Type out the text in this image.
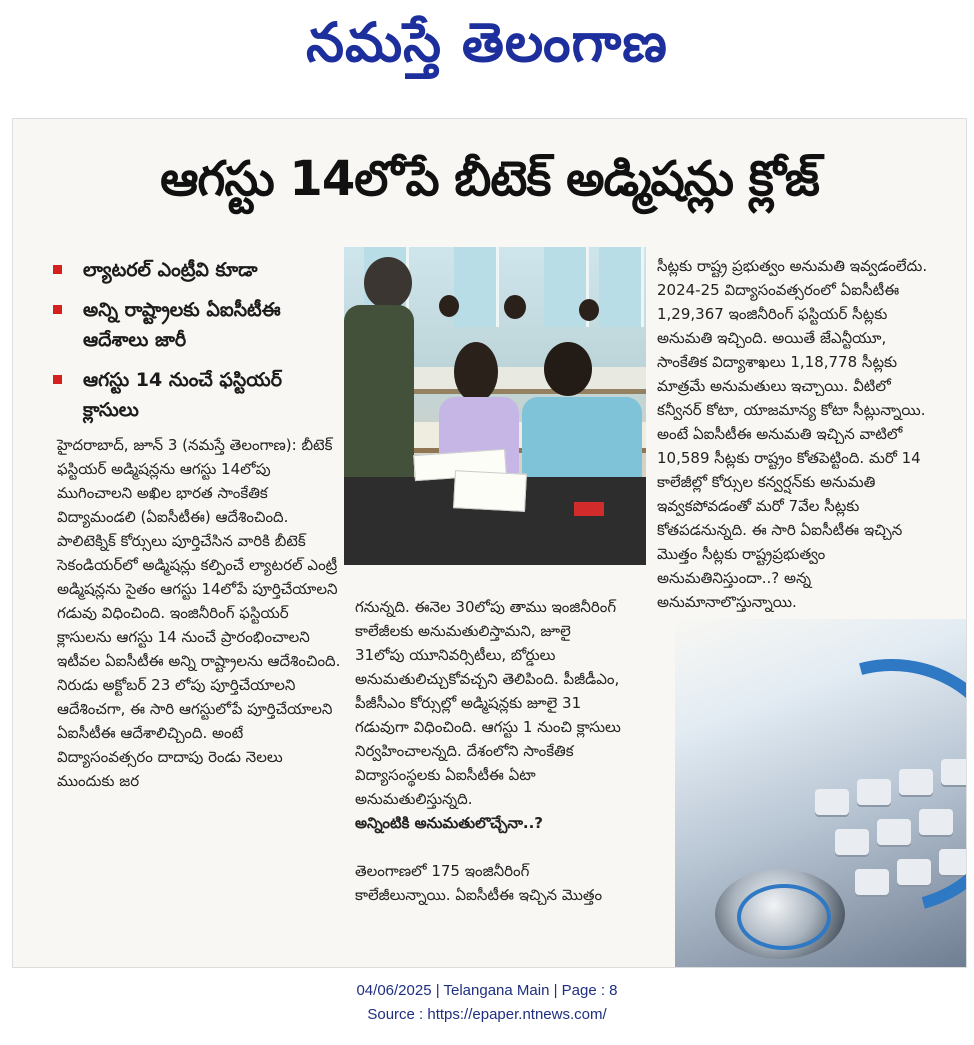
నమస్తే తెలంగాణ
ఆగస్టు 14లోపే బీటెక్ అడ్మిషన్లు క్లోజ్
ల్యాటరల్ ఎంట్రీవి కూడా
అన్ని రాష్ట్రాలకు ఏఐసీటీఈ ఆదేశాలు జారీ
ఆగస్టు 14 నుంచే ఫస్టియర్ క్లాసులు
హైదరాబాద్, జూన్ 3 (నమస్తే తెలంగాణ): బీటెక్ ఫస్టియర్ అడ్మిషన్లను ఆగస్టు 14లోపు ముగించాలని అఖిల భారత సాంకేతిక విద్యామండలి (ఏఐసీటీఈ) ఆదేశించింది. పాలిటెక్నిక్ కోర్సులు పూర్తిచేసిన వారికి బీటెక్ సెకండియర్‌లో అడ్మిషన్లు కల్పించే ల్యాటరల్ ఎంట్రీ అడ్మిషన్లను సైతం ఆగస్టు 14లోపే పూర్తిచేయాలని గడువు విధించింది. ఇంజినీరింగ్ ఫస్టియర్ క్లాసులను ఆగస్టు 14 నుంచే ప్రారంభించాలని ఇటీవల ఏఐసీటీఈ అన్ని రాష్ట్రాలను ఆదేశించింది. నిరుడు అక్టోబర్ 23 లోపు పూర్తిచేయాలని ఆదేశించగా, ఈ సారి ఆగస్టులోపే పూర్తిచేయాలని ఏఐసీటీఈ ఆదేశాలిచ్చింది. అంటే విద్యాసంవత్సరం దాదాపు రెండు నెలలు ముందుకు జర

గనున్నది. ఈనెల 30లోపు తాము ఇంజినీరింగ్ కాలేజీలకు అనుమతులిస్తామని, జూలై 31లోపు యూనివర్సిటీలు, బోర్డులు అనుమతులిచ్చుకోవచ్చని తెలిపింది. పీజీడీఎం, పీజీసీఎం కోర్సుల్లో అడ్మిషన్లకు జూలై 31 గడువుగా విధించింది. ఆగస్టు 1 నుంచి క్లాసులు నిర్వహించాలన్నది. దేశంలోని సాంకేతిక విద్యాసంస్థలకు ఏఐసీటీఈ ఏటా అనుమతులిస్తున్నది.

అన్నింటికి అనుమతులొచ్చేనా..?

తెలంగాణలో 175 ఇంజినీరింగ్ కాలేజీలున్నాయి. ఏఐసీటీఈ ఇచ్చిన మొత్తం

సీట్లకు రాష్ట్ర ప్రభుత్వం అనుమతి ఇవ్వడంలేదు. 2024-25 విద్యాసంవత్సరంలో ఏఐసీటీఈ 1,29,367 ఇంజినీరింగ్ ఫస్టియర్ సీట్లకు అనుమతి ఇచ్చింది. అయితే జేఎన్టీయూ, సాంకేతిక విద్యాశాఖలు 1,18,778 సీట్లకు మాత్రమే అనుమతులు ఇచ్చాయి. వీటిలో కన్వీనర్ కోటా, యాజమాన్య కోటా సీట్లున్నాయి. అంటే ఏఐసీటీఈ అనుమతి ఇచ్చిన వాటిలో 10,589 సీట్లకు రాష్ట్రం కోతపెట్టింది. మరో 14 కాలేజీల్లో కోర్సుల కన్వర్షన్‌కు అనుమతి ఇవ్వకపోవడంతో మరో 7వేల సీట్లకు కోతపడనున్నది. ఈ సారి ఏఐసీటీఈ ఇచ్చిన మొత్తం సీట్లకు రాష్ట్రప్రభుత్వం అనుమతినిస్తుందా..? అన్న అనుమానాలొస్తున్నాయి.
04/06/2025 | Telangana Main | Page : 8
Source : https://epaper.ntnews.com/
